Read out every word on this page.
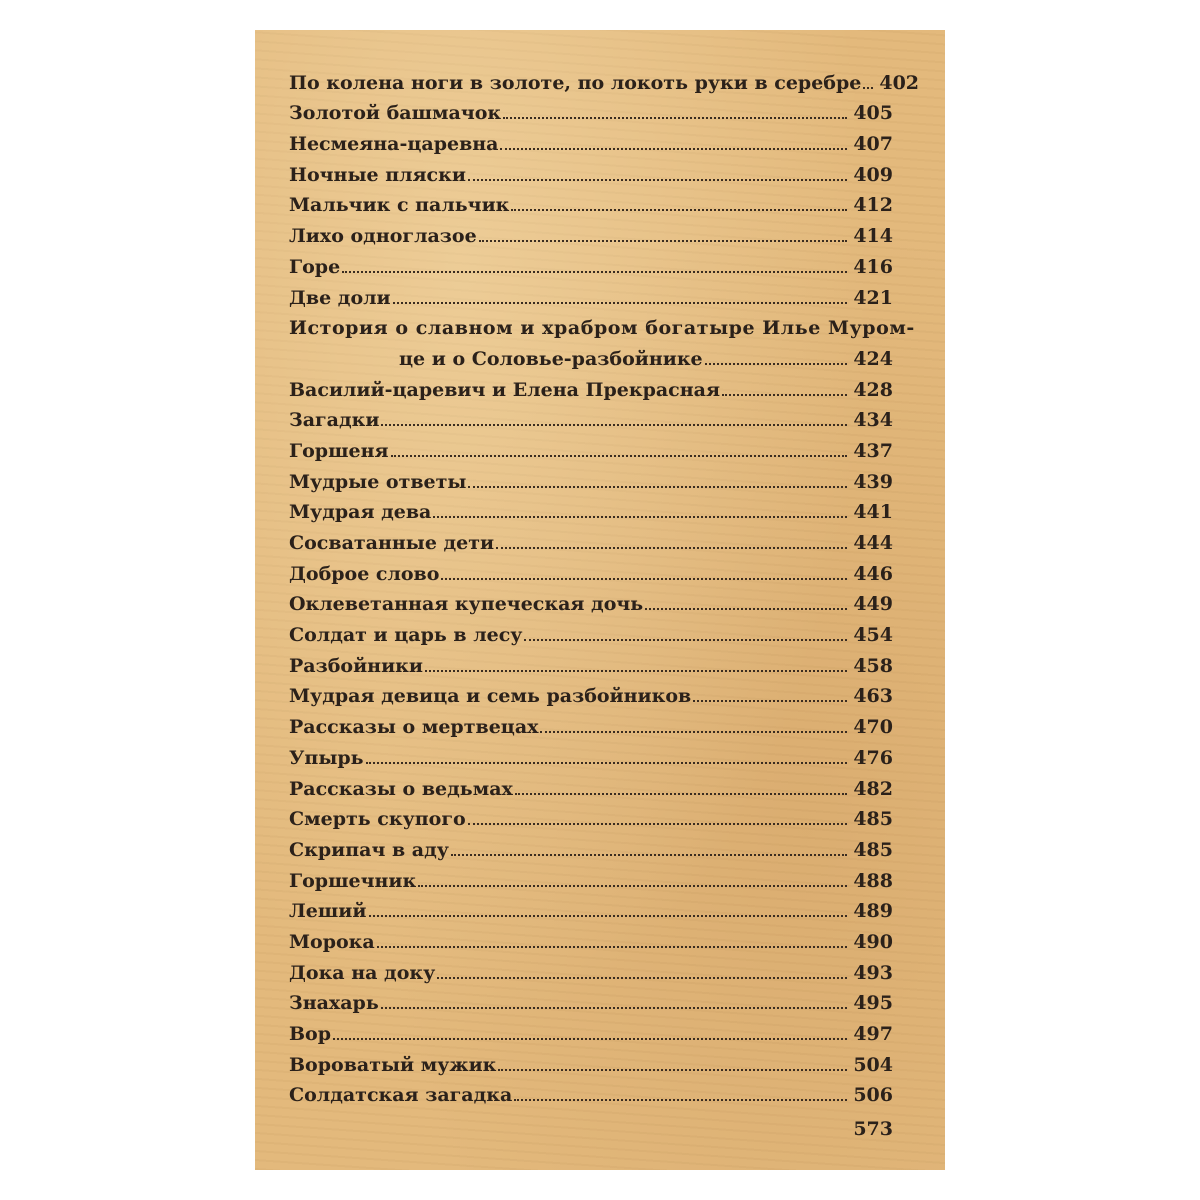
По колена ноги в золоте, по локоть руки в серебре 402
Золотой башмачок	405
Несмеяна-царевна	407
Ночные пляски	409
Мальчик с пальчик	412
Лихо одноглазое	414
Горе	416
Две доли	421
История о славном и храбром богатыре Илье Муром-
це и о Соловье-разбойнике	424
Василий-царевич и Елена Прекрасная	428
Загадки	434
Горшеня	437
Мудрые ответы	439
Мудрая дева	441
Сосватанные дети	444
Доброе слово	446
Оклеветанная купеческая дочь	449
Солдат и царь в лесу	454
Разбойники	458
Мудрая девица и семь разбойников	463
Рассказы о мертвецах	470
Упырь	476
Рассказы о ведьмах	482
Смерть скупого	485
Скрипач в аду	485
Горшечник	488
Леший	489
Морока	490
Дока на доку	493
Знахарь	495
Вор	497
Вороватый мужик	504
Солдатская загадка	506
573
